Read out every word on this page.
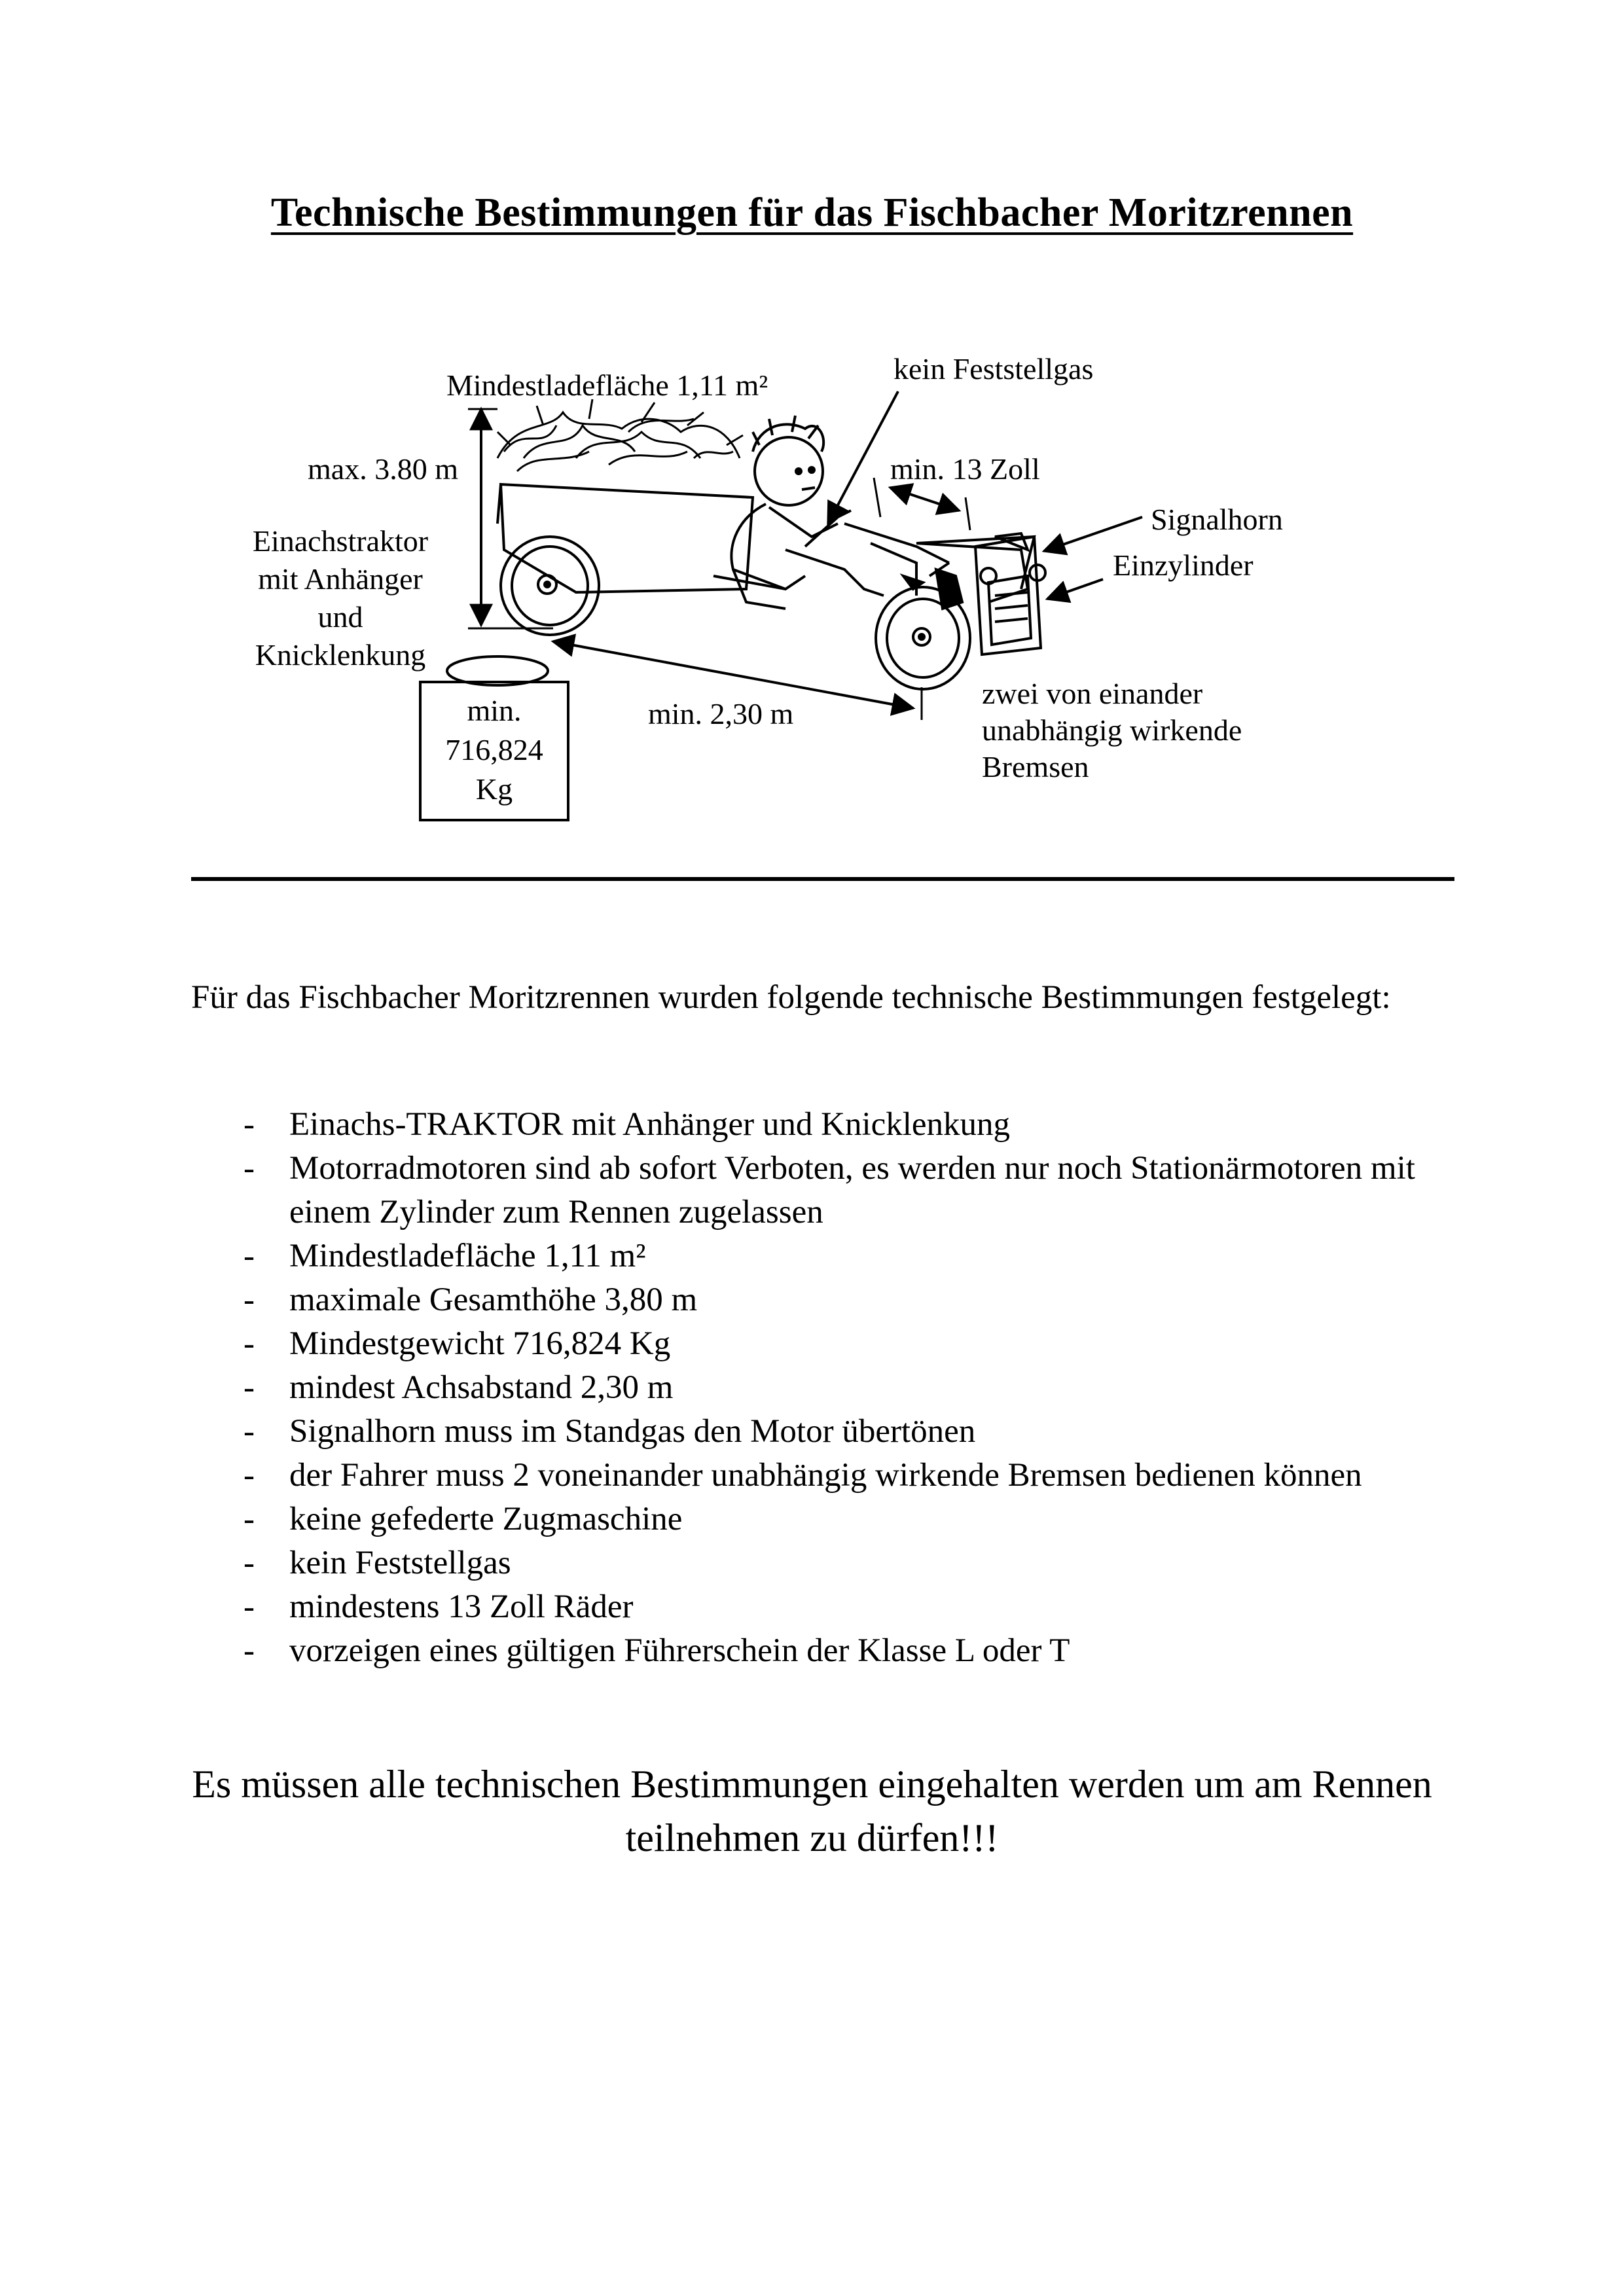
Technische Bestimmungen für das Fischbacher Moritzrennen
Mindestladefläche 1,11 m²	kein Feststellgas
max. 3.80 m	min. 13 Zoll
Signalhorn
Einzylinder
Einachstraktor
mit Anhänger
und
Knicklenkung
min.
716,824
Kg
min. 2,30 m
zwei von einander
unabhängig wirkende
Bremsen
Für das Fischbacher Moritzrennen wurden folgende technische Bestimmungen festgelegt:
- Einachs-TRAKTOR mit Anhänger und Knicklenkung
- Motorradmotoren sind ab sofort Verboten, es werden nur noch Stationärmotoren mit einem Zylinder zum Rennen zugelassen
- Mindestladefläche 1,11 m²
- maximale Gesamthöhe 3,80 m
- Mindestgewicht 716,824 Kg
- mindest Achsabstand 2,30 m
- Signalhorn muss im Standgas den Motor übertönen
- der Fahrer muss 2 voneinander unabhängig wirkende Bremsen bedienen können
- keine gefederte Zugmaschine
- kein Feststellgas
- mindestens 13 Zoll Räder
- vorzeigen eines gültigen Führerschein der Klasse L oder T
Es müssen alle technischen Bestimmungen eingehalten werden um am Rennen teilnehmen zu dürfen!!!
